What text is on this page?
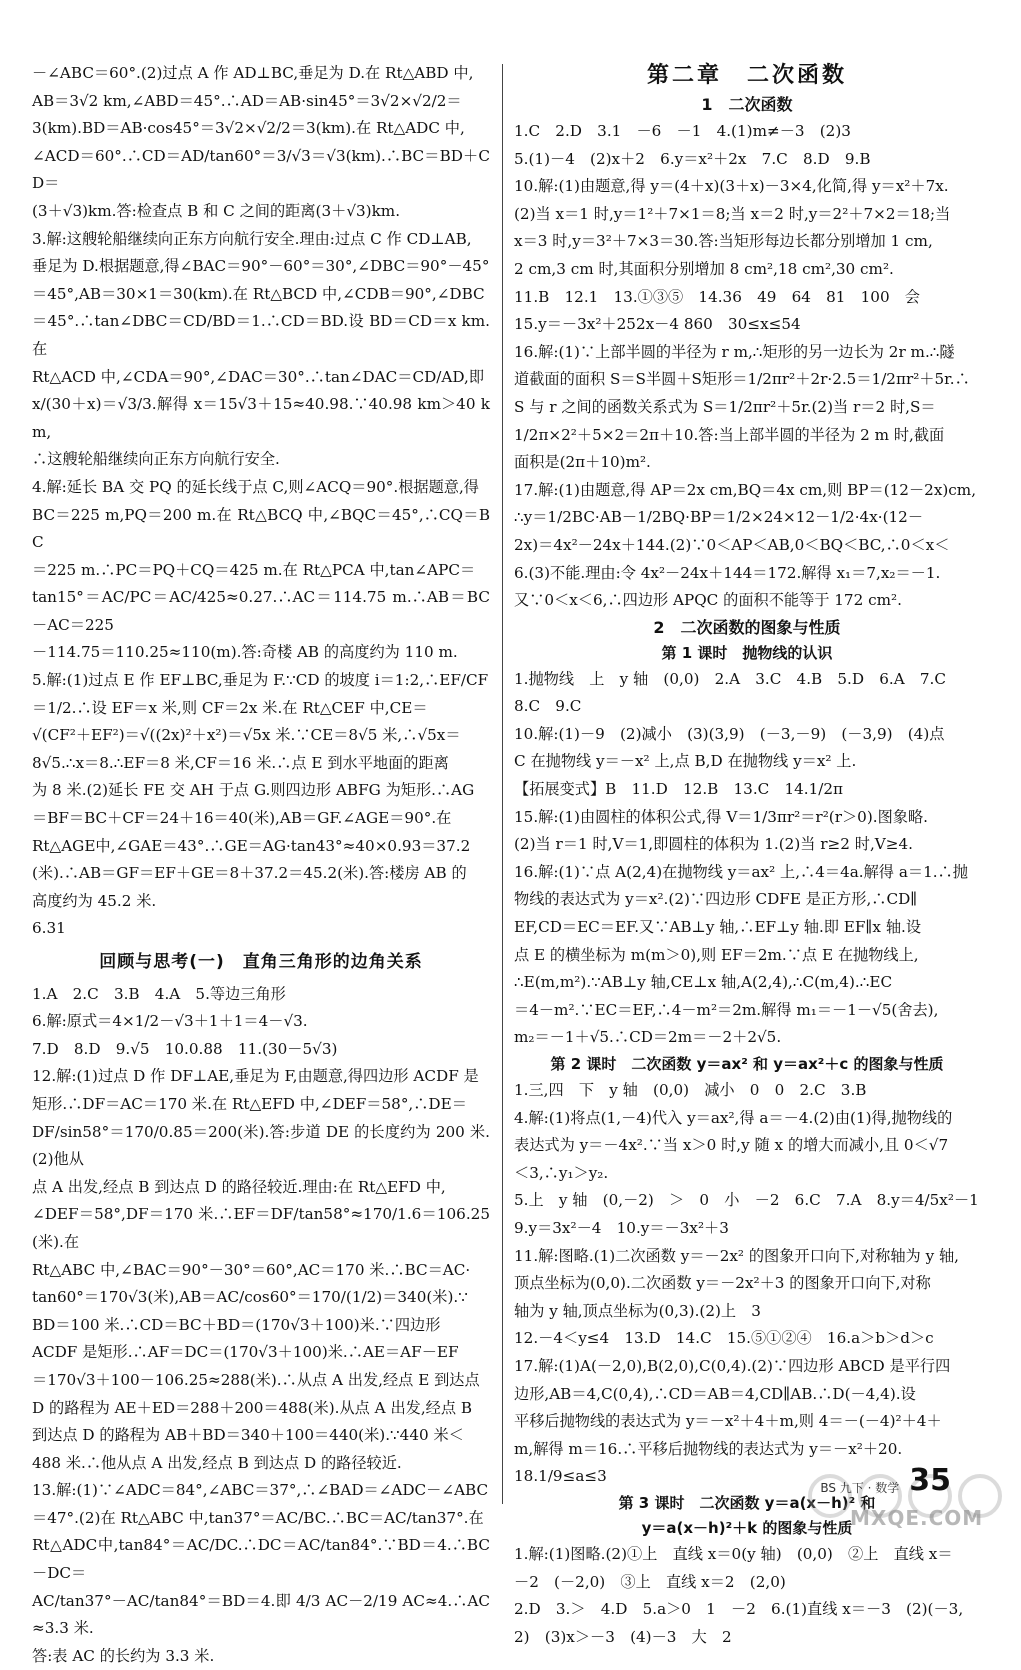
－∠ABC＝60°.(2)过点 A 作 AD⊥BC,垂足为 D.在 Rt△ABD 中,

AB＝3√2 km,∠ABD＝45°.∴AD＝AB·sin45°＝3√2×√2/2＝

3(km).BD＝AB·cos45°＝3√2×√2/2＝3(km).在 Rt△ADC 中,

∠ACD＝60°.∴CD＝AD/tan60°＝3/√3＝√3(km).∴BC＝BD＋CD＝

(3＋√3)km.答:检查点 B 和 C 之间的距离(3＋√3)km.

3.解:这艘轮船继续向正东方向航行安全.理由:过点 C 作 CD⊥AB,

垂足为 D.根据题意,得∠BAC＝90°－60°＝30°,∠DBC＝90°－45°

＝45°,AB＝30×1＝30(km).在 Rt△BCD 中,∠CDB＝90°,∠DBC

＝45°.∴tan∠DBC＝CD/BD＝1.∴CD＝BD.设 BD＝CD＝x km.在

Rt△ACD 中,∠CDA＝90°,∠DAC＝30°.∴tan∠DAC＝CD/AD,即

x/(30＋x)＝√3/3.解得 x＝15√3＋15≈40.98.∵40.98 km＞40 km,

∴这艘轮船继续向正东方向航行安全.

4.解:延长 BA 交 PQ 的延长线于点 C,则∠ACQ＝90°.根据题意,得

BC＝225 m,PQ＝200 m.在 Rt△BCQ 中,∠BQC＝45°,∴CQ＝BC

＝225 m.∴PC＝PQ＋CQ＝425 m.在 Rt△PCA 中,tan∠APC＝

tan15°＝AC/PC＝AC/425≈0.27.∴AC＝114.75 m.∴AB＝BC－AC＝225

－114.75＝110.25≈110(m).答:奇楼 AB 的高度约为 110 m.

5.解:(1)过点 E 作 EF⊥BC,垂足为 F.∵CD 的坡度 i＝1:2,∴EF/CF

＝1/2.∴设 EF＝x 米,则 CF＝2x 米.在 Rt△CEF 中,CE＝

√(CF²＋EF²)＝√((2x)²＋x²)＝√5x 米.∵CE＝8√5 米,∴√5x＝

8√5.∴x＝8.∴EF＝8 米,CF＝16 米.∴点 E 到水平地面的距离

为 8 米.(2)延长 FE 交 AH 于点 G.则四边形 ABFG 为矩形.∴AG

＝BF＝BC＋CF＝24＋16＝40(米),AB＝GF.∠AGE＝90°.在

Rt△AGE中,∠GAE＝43°.∴GE＝AG·tan43°≈40×0.93＝37.2

(米).∴AB＝GF＝EF＋GE＝8＋37.2＝45.2(米).答:楼房 AB 的

高度约为 45.2 米.

6.31

回顾与思考(一)　直角三角形的边角关系

1.A　2.C　3.B　4.A　5.等边三角形

6.解:原式＝4×1/2－√3＋1＋1＝4－√3.

7.D　8.D　9.√5　10.0.88　11.(30－5√3)

12.解:(1)过点 D 作 DF⊥AE,垂足为 F,由题意,得四边形 ACDF 是

矩形.∴DF＝AC＝170 米.在 Rt△EFD 中,∠DEF＝58°,∴DE＝

DF/sin58°＝170/0.85＝200(米).答:步道 DE 的长度约为 200 米.(2)他从

点 A 出发,经点 B 到达点 D 的路径较近.理由:在 Rt△EFD 中,

∠DEF＝58°,DF＝170 米.∴EF＝DF/tan58°≈170/1.6＝106.25(米).在

Rt△ABC 中,∠BAC＝90°－30°＝60°,AC＝170 米.∴BC＝AC·

tan60°＝170√3(米),AB＝AC/cos60°＝170/(1/2)＝340(米).∵

BD＝100 米.∴CD＝BC＋BD＝(170√3＋100)米.∵四边形

ACDF 是矩形.∴AF＝DC＝(170√3＋100)米.∴AE＝AF－EF

＝170√3＋100－106.25≈288(米).∴从点 A 出发,经点 E 到达点

D 的路程为 AE＋ED＝288＋200＝488(米).从点 A 出发,经点 B

到达点 D 的路程为 AB＋BD＝340＋100＝440(米).∵440 米＜

488 米.∴他从点 A 出发,经点 B 到达点 D 的路径较近.

13.解:(1)∵∠ADC＝84°,∠ABC＝37°,∴∠BAD＝∠ADC－∠ABC

＝47°.(2)在 Rt△ABC 中,tan37°＝AC/BC.∴BC＝AC/tan37°.在

Rt△ADC中,tan84°＝AC/DC.∴DC＝AC/tan84°.∵BD＝4.∴BC－DC＝

AC/tan37°－AC/tan84°＝BD＝4.即 4/3 AC－2/19 AC≈4.∴AC≈3.3 米.

答:表 AC 的长约为 3.3 米.

第二章　二次函数
1　二次函数

1.C　2.D　3.1　－6　－1　4.(1)m≠－3　(2)3

5.(1)－4　(2)x＋2　6.y＝x²＋2x　7.C　8.D　9.B

10.解:(1)由题意,得 y＝(4＋x)(3＋x)－3×4,化简,得 y＝x²＋7x.

(2)当 x＝1 时,y＝1²＋7×1＝8;当 x＝2 时,y＝2²＋7×2＝18;当

x＝3 时,y＝3²＋7×3＝30.答:当矩形每边长都分别增加 1 cm,

2 cm,3 cm 时,其面积分别增加 8 cm²,18 cm²,30 cm².

11.B　12.1　13.①③⑤　14.36　49　64　81　100　会

15.y＝－3x²＋252x－4 860　30≤x≤54

16.解:(1)∵上部半圆的半径为 r m,∴矩形的另一边长为 2r m.∴隧

道截面的面积 S＝S半圆＋S矩形＝1/2πr²＋2r·2.5＝1/2πr²＋5r.∴

S 与 r 之间的函数关系式为 S＝1/2πr²＋5r.(2)当 r＝2 时,S＝

1/2π×2²＋5×2＝2π＋10.答:当上部半圆的半径为 2 m 时,截面

面积是(2π＋10)m².

17.解:(1)由题意,得 AP＝2x cm,BQ＝4x cm,则 BP＝(12－2x)cm,

∴y＝1/2BC·AB－1/2BQ·BP＝1/2×24×12－1/2·4x·(12－

2x)＝4x²－24x＋144.(2)∵0＜AP＜AB,0＜BQ＜BC,∴0＜x＜

6.(3)不能.理由:令 4x²－24x＋144＝172.解得 x₁＝7,x₂＝－1.

又∵0＜x＜6,∴四边形 APQC 的面积不能等于 172 cm².

2　二次函数的图象与性质
第 1 课时　抛物线的认识

1.抛物线　上　y 轴　(0,0)　2.A　3.C　4.B　5.D　6.A　7.C

8.C　9.C

10.解:(1)－9　(2)减小　(3)(3,9)　(－3,－9)　(－3,9)　(4)点

C 在抛物线 y＝－x² 上,点 B,D 在抛物线 y＝x² 上.

【拓展变式】B　11.D　12.B　13.C　14.1/2π

15.解:(1)由圆柱的体积公式,得 V＝1/3πr²＝r²(r＞0).图象略.

(2)当 r＝1 时,V＝1,即圆柱的体积为 1.(2)当 r≥2 时,V≥4.

16.解:(1)∵点 A(2,4)在抛物线 y＝ax² 上,∴4＝4a.解得 a＝1.∴抛

物线的表达式为 y＝x².(2)∵四边形 CDFE 是正方形,∴CD∥

EF,CD＝EC＝EF.又∵AB⊥y 轴,∴EF⊥y 轴.即 EF∥x 轴.设

点 E 的横坐标为 m(m＞0),则 EF＝2m.∵点 E 在抛物线上,

∴E(m,m²).∵AB⊥y 轴,CE⊥x 轴,A(2,4),∴C(m,4).∴EC

＝4－m².∵EC＝EF,∴4－m²＝2m.解得 m₁＝－1－√5(舍去),

m₂＝－1＋√5.∴CD＝2m＝－2＋2√5.

第 2 课时　二次函数 y＝ax² 和 y＝ax²＋c 的图象与性质

1.三,四　下　y 轴　(0,0)　减小　0　0　2.C　3.B

4.解:(1)将点(1,－4)代入 y＝ax²,得 a＝－4.(2)由(1)得,抛物线的

表达式为 y＝－4x².∵当 x＞0 时,y 随 x 的增大而减小,且 0＜√7

＜3,∴y₁＞y₂.

5.上　y 轴　(0,－2)　＞　0　小　－2　6.C　7.A　8.y＝4/5x²－1

9.y＝3x²－4　10.y＝－3x²＋3

11.解:图略.(1)二次函数 y＝－2x² 的图象开口向下,对称轴为 y 轴,

顶点坐标为(0,0).二次函数 y＝－2x²＋3 的图象开口向下,对称

轴为 y 轴,顶点坐标为(0,3).(2)上　3

12.－4＜y≤4　13.D　14.C　15.⑤①②④　16.a＞b＞d＞c

17.解:(1)A(－2,0),B(2,0),C(0,4).(2)∵四边形 ABCD 是平行四

边形,AB＝4,C(0,4),∴CD＝AB＝4,CD∥AB.∴D(－4,4).设

平移后抛物线的表达式为 y＝－x²＋4＋m,则 4＝－(－4)²＋4＋

m,解得 m＝16.∴平移后抛物线的表达式为 y＝－x²＋20.

18.1/9≤a≤3

第 3 课时　二次函数 y＝a(x－h)² 和
y＝a(x－h)²＋k 的图象与性质

1.解:(1)图略.(2)①上　直线 x＝0(y 轴)　(0,0)　②上　直线 x＝

－2　(－2,0)　③上　直线 x＝2　(2,0)

2.D　3.＞　4.D　5.a＞0　1　－2　6.(1)直线 x＝－3　(2)(－3,

2)　(3)x＞－3　(4)－3　大　2

MXQE.COM
BS 九下 · 数学 35
